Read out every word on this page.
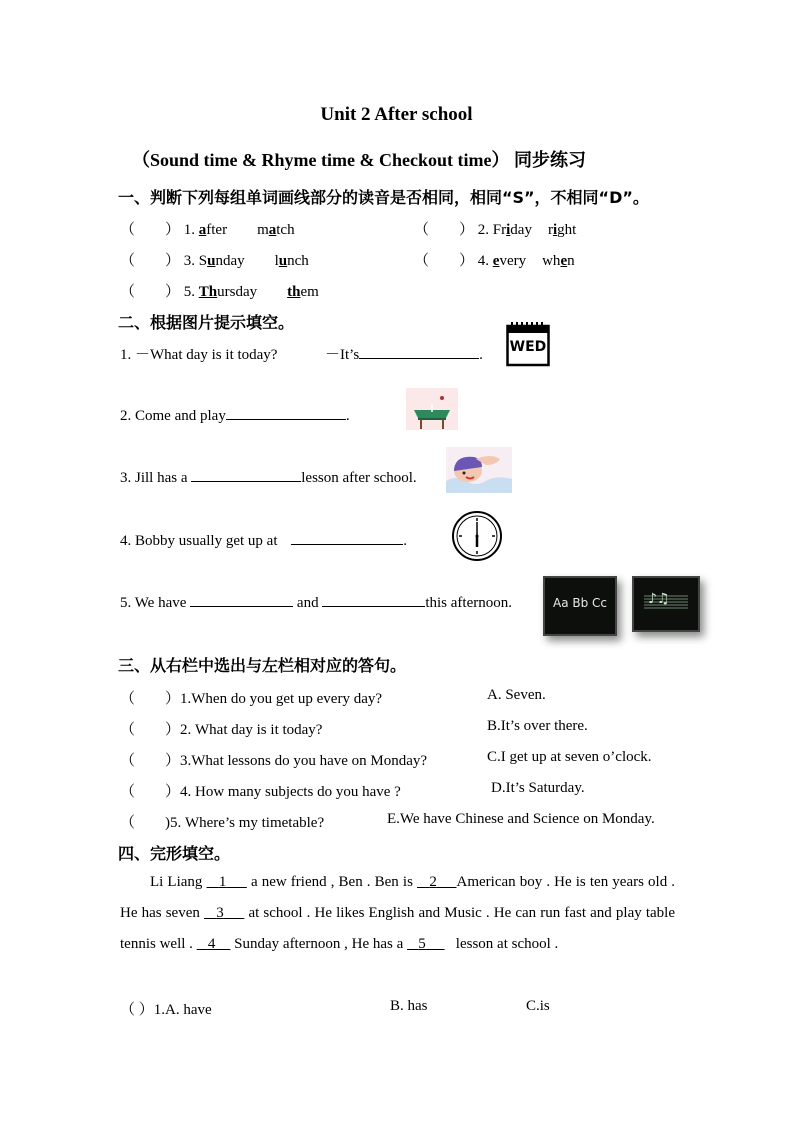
Unit 2 After school
（Sound time & Rhyme time & Checkout time） 同步练习
一、判断下列每组单词画线部分的读音是否相同，相同“S”，不相同“D”。
（        ） 1. after match	（        ） 2. Friday right
（        ） 3. Sunday lunch	（        ） 4. every when
（        ） 5. Thursday them
二、根据图片提示填空。
1. －What day is it today?	－It’s	. WED
2. Come and play	.
3. Jill has a	lesson after school.
4. Bobby usually get up at	.
5. We have	and	this afternoon.	Aa Bb Cc	♪♫
三、从右栏中选出与左栏相对应的答句。
（        ）1.When do you get up every day?	A. Seven.
（        ）2. What day is it today?	B.It’s over there.
（        ）3.What lessons do you have on Monday?	C.I get up at seven o’clock.
（        ）4. How many subjects do you have ?	D.It’s Saturday.
（        )5. Where’s my timetable?	E.We have Chinese and Science on Monday.
四、完形填空。
Li Liang 1 a new friend , Ben . Ben is 2 American boy . He is ten years old . He has seven 3 at school . He likes English and Music . He can run fast and play table tennis well . 4 Sunday afternoon , He has a 5 lesson at school .
（ ）1.A. have	B. has	C.is
